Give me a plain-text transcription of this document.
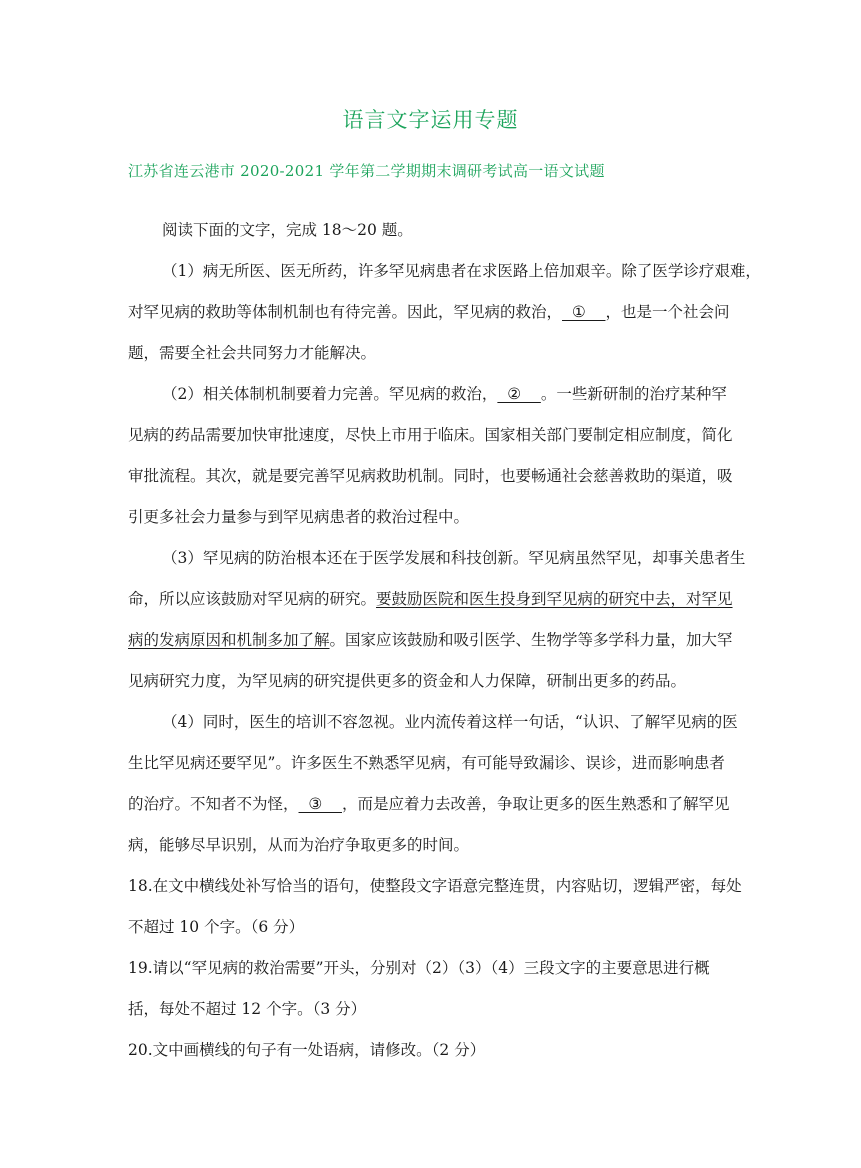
语言文字运用专题
江苏省连云港市 2020-2021 学年第二学期期末调研考试高一语文试题
阅读下面的文字，完成 18～20 题。
（1）病无所医、医无所药，许多罕见病患者在求医路上倍加艰辛。除了医学诊疗艰难，
对罕见病的救助等体制机制也有待完善。因此，罕见病的救治，  ①    ，也是一个社会问
题，需要全社会共同努力才能解决。
（2）相关体制机制要着力完善。罕见病的救治，  ②    。一些新研制的治疗某种罕
见病的药品需要加快审批速度，尽快上市用于临床。国家相关部门要制定相应制度，简化
审批流程。其次，就是要完善罕见病救助机制。同时，也要畅通社会慈善救助的渠道，吸
引更多社会力量参与到罕见病患者的救治过程中。
（3）罕见病的防治根本还在于医学发展和科技创新。罕见病虽然罕见，却事关患者生
命，所以应该鼓励对罕见病的研究。要鼓励医院和医生投身到罕见病的研究中去，对罕见
病的发病原因和机制多加了解。国家应该鼓励和吸引医学、生物学等多学科力量，加大罕
见病研究力度，为罕见病的研究提供更多的资金和人力保障，研制出更多的药品。
（4）同时，医生的培训不容忽视。业内流传着这样一句话，“认识、了解罕见病的医
生比罕见病还要罕见”。许多医生不熟悉罕见病，有可能导致漏诊、误诊，进而影响患者
的治疗。不知者不为怪，  ③    ，而是应着力去改善，争取让更多的医生熟悉和了解罕见
病，能够尽早识别，从而为治疗争取更多的时间。
18.在文中横线处补写恰当的语句，使整段文字语意完整连贯，内容贴切，逻辑严密，每处
不超过 10 个字。（6 分）
19.请以“罕见病的救治需要”开头，分别对（2）（3）（4）三段文字的主要意思进行概
括，每处不超过 12 个字。（3 分）
20.文中画横线的句子有一处语病，请修改。（2 分）
